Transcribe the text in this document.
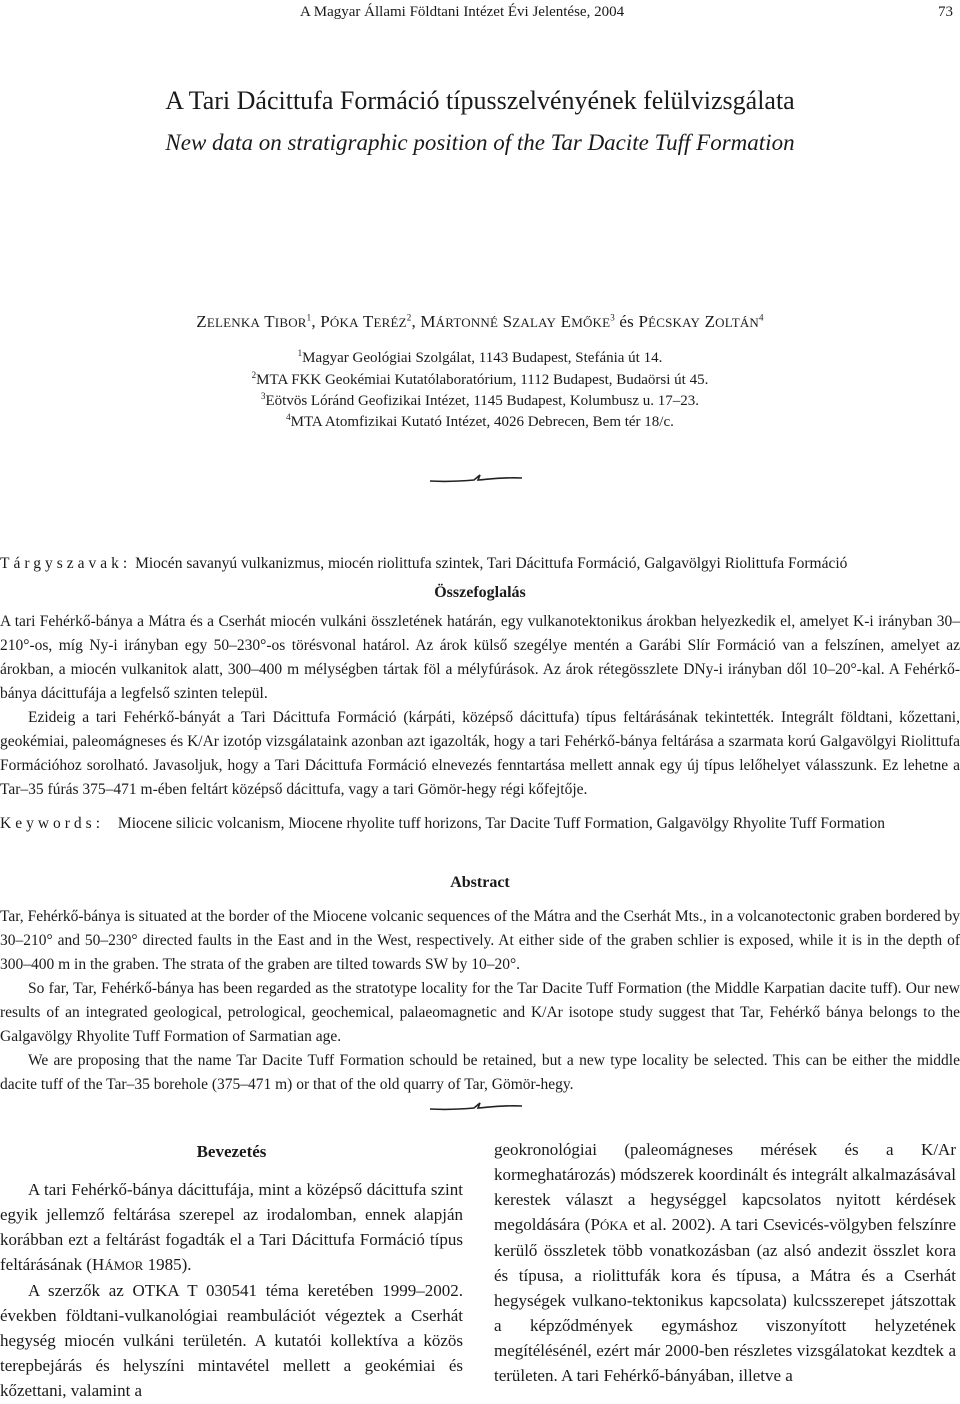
A Magyar Állami Földtani Intézet Évi Jelentése, 2004	73
A Tari Dácittufa Formáció típusszelvényének felülvizsgálata
New data on stratigraphic position of the Tar Dacite Tuff Formation
ZELENKA TIBOR$^1$, PÓKA TERÉZ$^2$, MÁRTONNÉ SZALAY EMŐKE$^3$ és PÉCSKAY ZOLTÁN$^4$
$^1$Magyar Geológiai Szolgálat, 1143 Budapest, Stefánia út 14.
$^2$MTA FKK Geokémiai Kutatólaboratórium, 1112 Budapest, Budaörsi út 45.
$^3$Eötvös Lóránd Geofizikai Intézet, 1145 Budapest, Kolumbusz u. 17–23.
$^4$MTA Atomfizikai Kutató Intézet, 4026 Debrecen, Bem tér 18/c.
Tárgyszavak: Miocén savanyú vulkanizmus, miocén riolittufa szintek, Tari Dácittufa Formáció, Galgavölgyi Riolittufa Formáció
Összefoglalás

A tari Fehérkő-bánya a Mátra és a Cserhát miocén vulkáni összletének határán, egy vulkanotektonikus árokban helyezkedik el, amelyet K-i irányban 30–210°-os, míg Ny-i irányban egy 50–230°-os törésvonal határol. Az árok külső szegélye mentén a Garábi Slír Formáció van a felszínen, amelyet az árokban, a miocén vulkanitok alatt, 300–400 m mélységben tártak föl a mélyfúrások. Az árok rétegösszlete DNy-i irányban dől 10–20°-kal. A Fehérkő-bánya dácittufája a legfelső szinten települ.

Ezideig a tari Fehérkő-bányát a Tari Dácittufa Formáció (kárpáti, középső dácittufa) típus feltárásának tekintették. Integrált földtani, kőzettani, geokémiai, paleomágneses és K/Ar izotóp vizsgálataink azonban azt igazolták, hogy a tari Fehérkő-bánya feltárása a szarmata korú Galgavölgyi Riolittufa Formációhoz sorolható. Javasoljuk, hogy a Tari Dácittufa Formáció elnevezés fenntartása mellett annak egy új típus lelőhelyet válasszunk. Ez lehetne a Tar–35 fúrás 375–471 m-ében feltárt középső dácittufa, vagy a tari Gömör-hegy régi kőfejtője.

Keywords: Miocene silicic volcanism, Miocene rhyolite tuff horizons, Tar Dacite Tuff Formation, Galgavölgy Rhyolite Tuff Formation
Abstract

Tar, Fehérkő-bánya is situated at the border of the Miocene volcanic sequences of the Mátra and the Cserhát Mts., in a volcanotectonic graben bordered by 30–210° and 50–230° directed faults in the East and in the West, respectively. At either side of the graben schlier is exposed, while it is in the depth of 300–400 m in the graben. The strata of the graben are tilted towards SW by 10–20°.

So far, Tar, Fehérkő-bánya has been regarded as the stratotype locality for the Tar Dacite Tuff Formation (the Middle Karpatian dacite tuff). Our new results of an integrated geological, petrological, geochemical, palaeomagnetic and K/Ar isotope study suggest that Tar, Fehérkő bánya belongs to the Galgavölgy Rhyolite Tuff Formation of Sarmatian age.

We are proposing that the name Tar Dacite Tuff Formation schould be retained, but a new type locality be selected. This can be either the middle dacite tuff of the Tar–35 borehole (375–471 m) or that of the old quarry of Tar, Gömör-hegy.

Bevezetés

A tari Fehérkő-bánya dácittufája, mint a középső dácittufa szint egyik jellemző feltárása szerepel az irodalomban, ennek alapján korábban ezt a feltárást fogadták el a Tari Dácittufa Formáció típus feltárásának (HÁMOR 1985).

A szerzők az OTKA T 030541 téma keretében 1999–2002. években földtani-vulkanológiai reambulációt végeztek a Cserhát hegység miocén vulkáni területén. A kutatói kollektíva a közös terepbejárás és helyszíni mintavétel mellett a geokémiai és kőzettani, valamint a

geokronológiai (paleomágneses mérések és a K/Ar kormeghatározás) módszerek koordinált és integrált alkalmazásával kerestek választ a hegységgel kapcsolatos nyitott kérdések megoldására (PÓKA et al. 2002). A tari Csevicés-völgyben felszínre kerülő összletek több vonatkozásban (az alsó andezit összlet kora és típusa, a riolittufák kora és típusa, a Mátra és a Cserhát hegységek vulkano-tektonikus kapcsolata) kulcsszerepet játszottak a képződmények egymáshoz viszonyított helyzetének megítélésénél, ezért már 2000-ben részletes vizsgálatokat kezdtek a területen. A tari Fehérkő-bányában, illetve a
